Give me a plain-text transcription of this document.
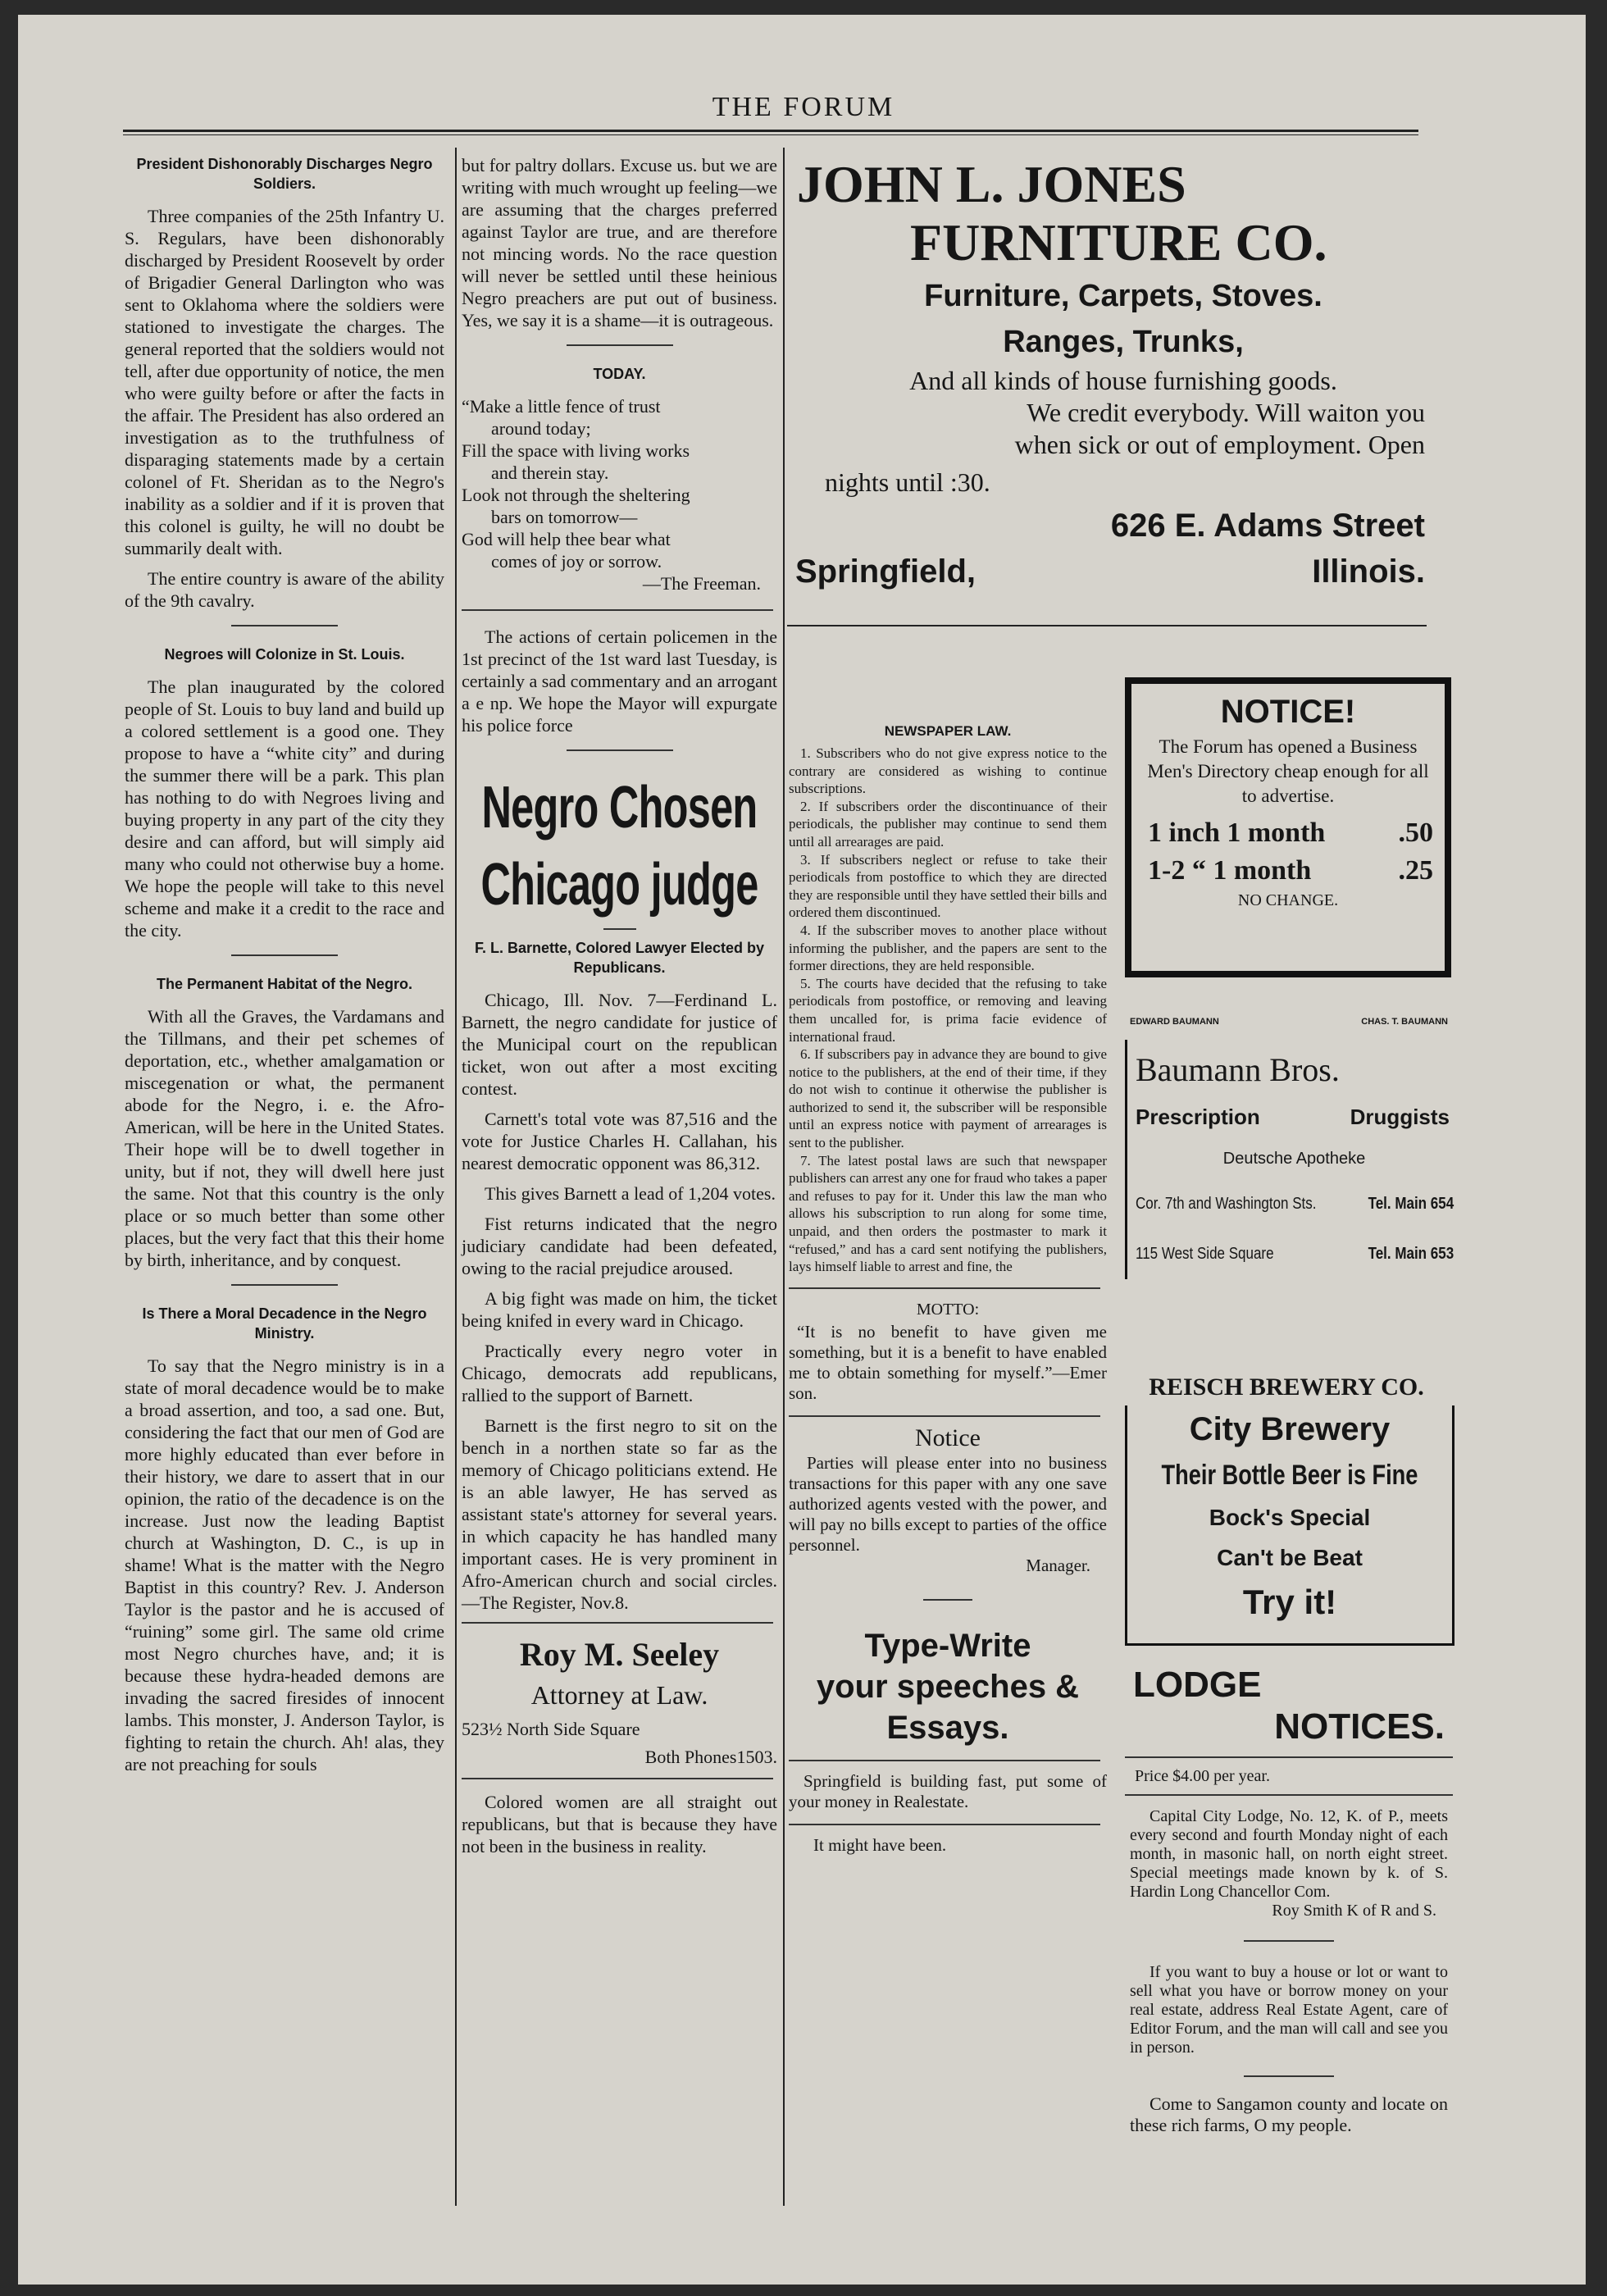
THE FORUM
President Dishonorably Discharges Negro Soldiers.

Three companies of the 25th Infantry U. S. Regulars, have been dishonorably discharged by President Roosevelt by order of Brigadier General Darlington who was sent to Oklahoma where the soldiers were stationed to investigate the charges. The general reported that the soldiers would not tell, after due opportunity of notice, the men who were guilty before or after the facts in the affair. The President has also ordered an investigation as to the truthfulness of disparaging statements made by a certain colonel of Ft. Sheridan as to the Negro's inability as a soldier and if it is proven that this colonel is guilty, he will no doubt be summarily dealt with.

The entire country is aware of the ability of the 9th cavalry.

Negroes will Colonize in St. Louis.

The plan inaugurated by the colored people of St. Louis to buy land and build up a colored settlement is a good one. They propose to have a “white city” and during the summer there will be a park. This plan has nothing to do with Negroes living and buying property in any part of the city they desire and can afford, but will simply aid many who could not otherwise buy a home. We hope the people will take to this nevel scheme and make it a credit to the race and the city.

The Permanent Habitat of the Negro.

With all the Graves, the Vardamans and the Tillmans, and their pet schemes of deportation, etc., whether amalgamation or miscegenation or what, the permanent abode for the Negro, i. e. the Afro-American, will be here in the United States. Their hope will be to dwell together in unity, but if not, they will dwell here just the same. Not that this country is the only place or so much better than some other places, but the very fact that this their home by birth, inheritance, and by conquest.

Is There a Moral Decadence in the Negro Ministry.

To say that the Negro ministry is in a state of moral decadence would be to make a broad assertion, and too, a sad one. But, considering the fact that our men of God are more highly educated than ever before in their history, we dare to assert that in our opinion, the ratio of the decadence is on the increase. Just now the leading Baptist church at Washington, D. C., is up in shame! What is the matter with the Negro Baptist in this country? Rev. J. Anderson Taylor is the pastor and he is accused of “ruining” some girl. The same old crime most Negro churches have, and; it is because these hydra-headed demons are invading the sacred firesides of innocent lambs. This monster, J. Anderson Taylor, is fighting to retain the church. Ah! alas, they are not preaching for souls

but for paltry dollars. Excuse us. but we are writing with much wrought up feeling—we are assuming that the charges preferred against Taylor are true, and are therefore not mincing words. No the race question will never be settled until these heinious Negro preachers are put out of business. Yes, we say it is a shame—it is outrageous.

TODAY.

“Make a little fence of trust

around today;

Fill the space with living works

and therein stay.

Look not through the sheltering

bars on tomorrow—

God will help thee bear what

comes of joy or sorrow.

—The Freeman.

The actions of certain policemen in the 1st precinct of the 1st ward last Tuesday, is certainly a sad commentary and an arrogant a e np. We hope the Mayor will expurgate his police force

Negro Chosen
Chicago judge
F. L. Barnette, Colored Lawyer Elected by Republicans.

Chicago, Ill. Nov. 7—Ferdinand L. Barnett, the negro candidate for justice of the Municipal court on the republican ticket, won out after a most exciting contest.

Carnett's total vote was 87,516 and the vote for Justice Charles H. Callahan, his nearest democratic opponent was 86,312.

This gives Barnett a lead of 1,204 votes.

Fist returns indicated that the negro judiciary candidate had been defeated, owing to the racial prejudice aroused.

A big fight was made on him, the ticket being knifed in every ward in Chicago.

Practically every negro voter in Chicago, democrats add republicans, rallied to the support of Barnett.

Barnett is the first negro to sit on the bench in a northen state so far as the memory of Chicago politicians extend. He is an able lawyer, He has served as assistant state's attorney for several years. in which capacity he has handled many important cases. He is very prominent in Afro-American church and social circles.—The Register, Nov.8.

Roy M. Seeley
Attorney at Law.
523½ North Side Square
Both Phones1503.

Colored women are all straight out republicans, but that is because they have not been in the business in reality.

JOHN L. JONES
FURNITURE CO.
Furniture, Carpets, Stoves.
Ranges, Trunks,
And all kinds of house furnishing goods.
We credit everybody. Will waiton you
when sick or out of employment. Open
nights until :30.
626 E. Adams Street
Springfield,	Illinois.
NEWSPAPER LAW.

1. Subscribers who do not give express notice to the contrary are considered as wishing to continue subscriptions.

2. If subscribers order the discontinuance of their periodicals, the publisher may continue to send them until all arrearages are paid.

3. If subscribers neglect or refuse to take their periodicals from postoffice to which they are directed they are responsible until they have settled their bills and ordered them discontinued.

4. If the subscriber moves to another place without informing the publisher, and the papers are sent to the former directions, they are held responsible.

5. The courts have decided that the refusing to take periodicals from postoffice, or removing and leaving them uncalled for, is prima facie evidence of international fraud.

6. If subscribers pay in advance they are bound to give notice to the publishers, at the end of their time, if they do not wish to continue it otherwise the publisher is authorized to send it, the subscriber will be responsible until an express notice with payment of arrearages is sent to the publisher.

7. The latest postal laws are such that newspaper publishers can arrest any one for fraud who takes a paper and refuses to pay for it. Under this law the man who allows his subscription to run along for some time, unpaid, and then orders the postmaster to mark it “refused,” and has a card sent notifying the publishers, lays himself liable to arrest and fine, the

MOTTO:
“It is no benefit to have given me something, but it is a benefit to have enabled me to obtain something for myself.”—Emer son.
Notice
Parties will please enter into no business transactions for this paper with any one save authorized agents vested with the power, and will pay no bills except to parties of the office personnel.
Manager.
Type-Write
your speeches &
Essays.
Springfield is building fast, put some of your money in Realestate.
It might have been.
NOTICE!
The Forum has opened a Business Men's Directory cheap enough for all to advertise.
1 inch 1 month	.50
1-2 “ 1 month	.25
NO CHANGE.
EDWARD BAUMANN	CHAS. T. BAUMANN
Baumann Bros.
Prescription	Druggists
Deutsche Apotheke
Cor. 7th and Washington Sts.	Tel. Main 654
115 West Side Square	Tel. Main 653
REISCH BREWERY CO.
City Brewery
Their Bottle Beer is Fine
Bock's Special
Can't be Beat
Try it!
LODGE
NOTICES.
Price $4.00 per year.
Capital City Lodge, No. 12, K. of P., meets every second and fourth Monday night of each month, in masonic hall, on north eight street. Special meetings made known by k. of S. Hardin Long Chancellor Com.
Roy Smith K of R and S.
If you want to buy a house or lot or want to sell what you have or borrow money on your real estate, address Real Estate Agent, care of Editor Forum, and the man will call and see you in person.
Come to Sangamon county and locate on these rich farms, O my people.
